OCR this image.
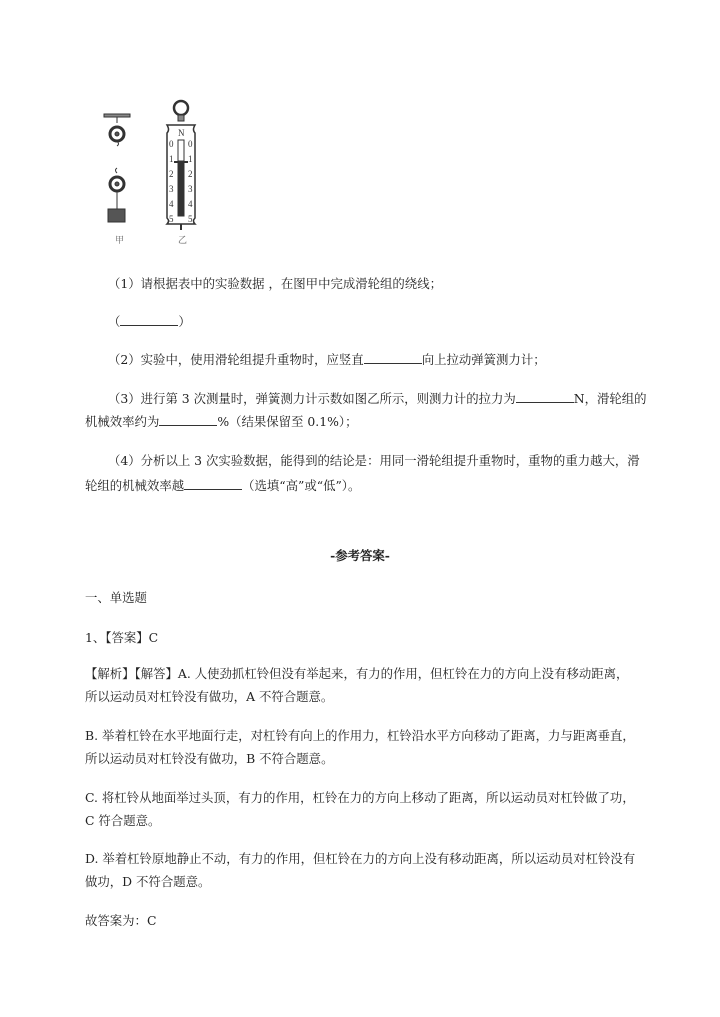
甲
N
0 0
1 1
2 2
3 3
4 4
5 5
乙
（1）请根据表中的实验数据 ，在图甲中完成滑轮组的绕线；
（	）
（2）实验中，使用滑轮组提升重物时，应竖直	向上拉动弹簧测力计；
（3）进行第 3 次测量时，弹簧测力计示数如图乙所示，则测力计的拉力为	N，滑轮组的
机械效率约为	%（结果保留至 0.1%）；
（4）分析以上 3 次实验数据，能得到的结论是：用同一滑轮组提升重物时，重物的重力越大，滑
轮组的机械效率越	（选填“高”或“低”）。
-参考答案-
一、单选题
1、【答案】C
【解析】【解答】A. 人使劲抓杠铃但没有举起来，有力的作用，但杠铃在力的方向上没有移动距离，
所以运动员对杠铃没有做功，A 不符合题意。
B. 举着杠铃在水平地面行走，对杠铃有向上的作用力，杠铃沿水平方向移动了距离，力与距离垂直，
所以运动员对杠铃没有做功，B 不符合题意。
C. 将杠铃从地面举过头顶，有力的作用，杠铃在力的方向上移动了距离，所以运动员对杠铃做了功，
C 符合题意。
D. 举着杠铃原地静止不动，有力的作用，但杠铃在力的方向上没有移动距离，所以运动员对杠铃没有
做功，D 不符合题意。
故答案为：C
